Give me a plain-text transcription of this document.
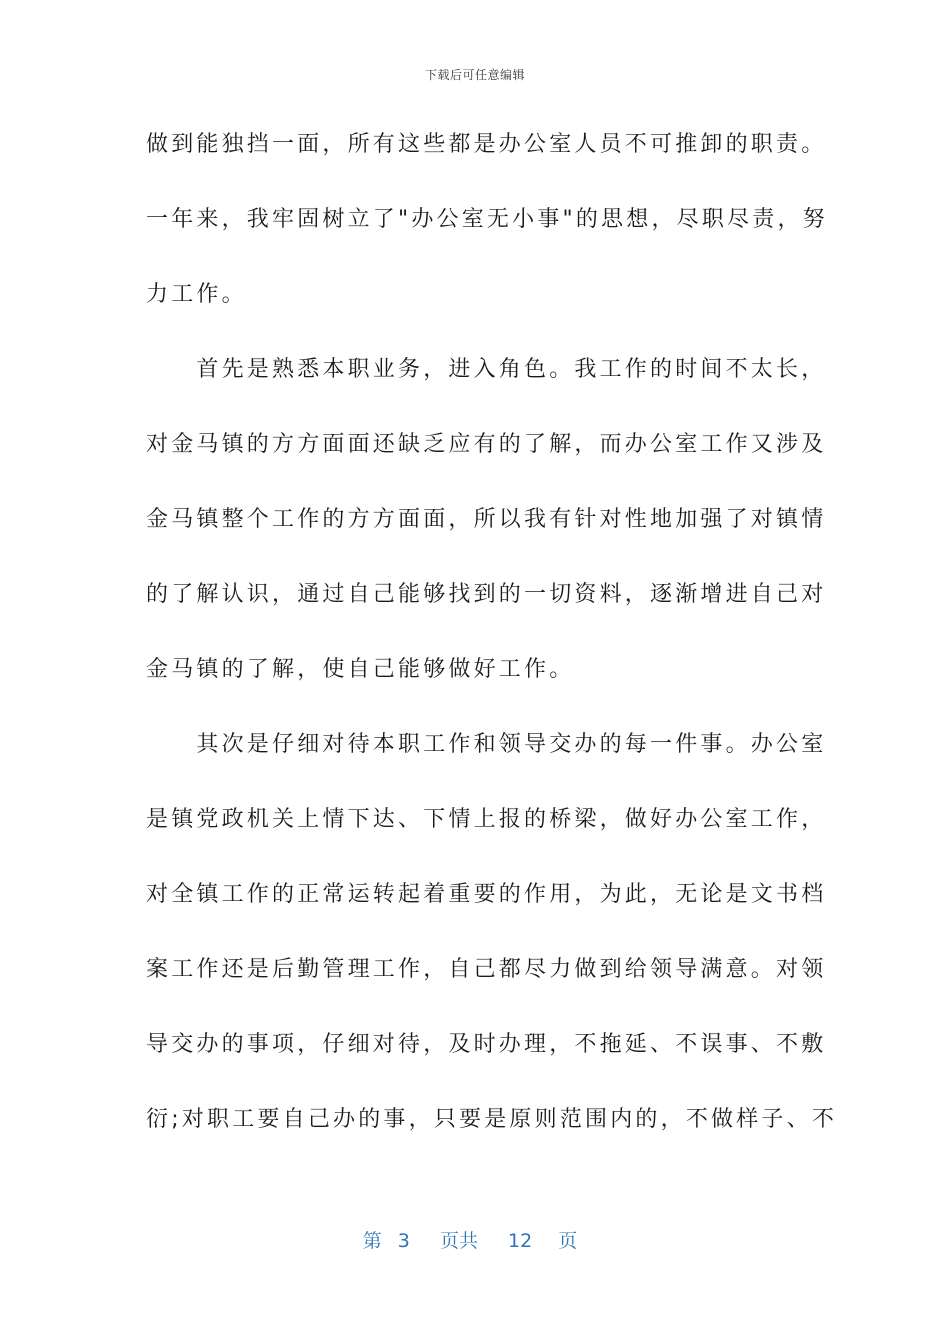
下载后可任意编辑
做到能独挡一面，所有这些都是办公室人员不可推卸的职责。
一年来，我牢固树立了"办公室无小事"的思想，尽职尽责，努
力工作。
　　首先是熟悉本职业务，进入角色。我工作的时间不太长，
对金马镇的方方面面还缺乏应有的了解，而办公室工作又涉及
金马镇整个工作的方方面面，所以我有针对性地加强了对镇情
的了解认识，通过自己能够找到的一切资料，逐渐增进自己对
金马镇的了解，使自己能够做好工作。
　　其次是仔细对待本职工作和领导交办的每一件事。办公室
是镇党政机关上情下达、下情上报的桥梁，做好办公室工作，
对全镇工作的正常运转起着重要的作用，为此，无论是文书档
案工作还是后勤管理工作，自己都尽力做到给领导满意。对领
导交办的事项，仔细对待，及时办理，不拖延、不误事、不敷
衍;对职工要自己办的事，只要是原则范围内的，不做样子、不
第 3 页共 12 页
